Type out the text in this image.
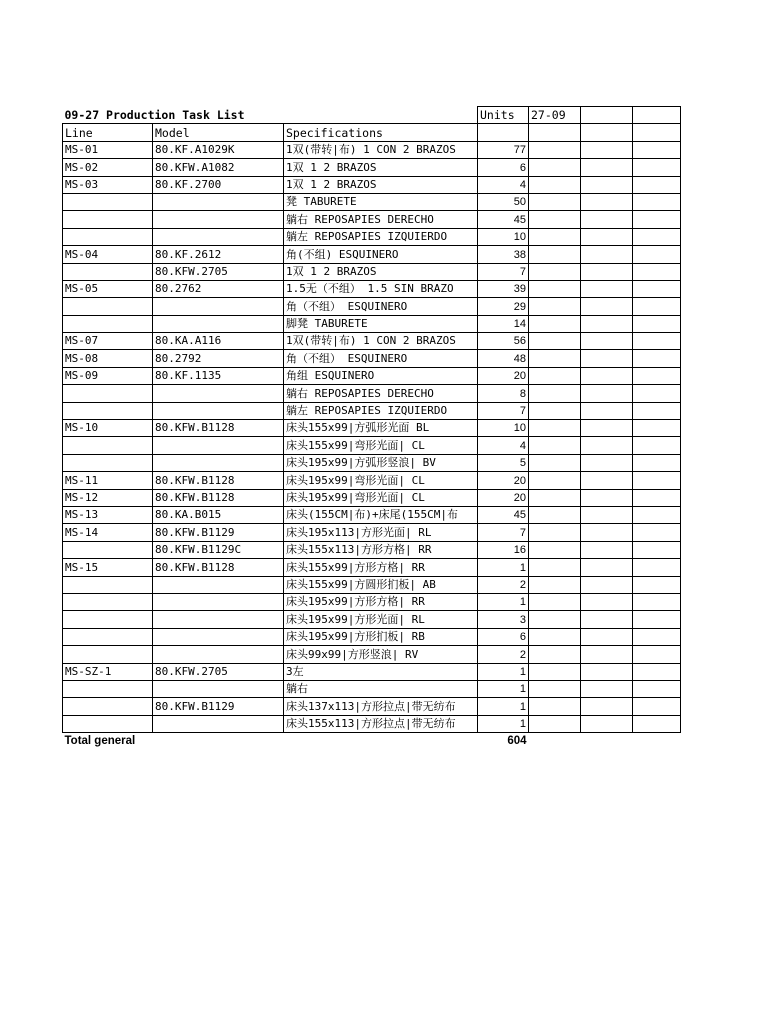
09-27 Production Task List			Units	27-09		
Line	Model	Specifications				
MS-01	80.KF.A1029K	1双(带转|布) 1 CON 2 BRAZOS	77			
MS-02	80.KFW.A1082	1双 1 2 BRAZOS	6			
MS-03	80.KF.2700	1双 1 2 BRAZOS	4			
		凳 TABURETE	50			
		躺右 REPOSAPIES DERECHO	45			
		躺左 REPOSAPIES IZQUIERDO	10			
MS-04	80.KF.2612	角(不组) ESQUINERO	38			
	80.KFW.2705	1双 1 2 BRAZOS	7			
MS-05	80.2762	1.5无（不组） 1.5 SIN BRAZO	39			
		角（不组） ESQUINERO	29			
		脚凳 TABURETE	14			
MS-07	80.KA.A116	1双(带转|布) 1 CON 2 BRAZOS	56			
MS-08	80.2792	角（不组） ESQUINERO	48			
MS-09	80.KF.1135	角组 ESQUINERO	20			
		躺右 REPOSAPIES DERECHO	8			
		躺左 REPOSAPIES IZQUIERDO	7			
MS-10	80.KFW.B1128	床头155x99|方弧形光面 BL	10			
		床头155x99|弯形光面| CL	4			
		床头195x99|方弧形竖浪| BV	5			
MS-11	80.KFW.B1128	床头195x99|弯形光面| CL	20			
MS-12	80.KFW.B1128	床头195x99|弯形光面| CL	20			
MS-13	80.KA.B015	床头(155CM|布)+床尾(155CM|布	45			
MS-14	80.KFW.B1129	床头195x113|方形光面| RL	7			
	80.KFW.B1129C	床头155x113|方形方格| RR	16			
MS-15	80.KFW.B1128	床头155x99|方形方格| RR	1			
		床头155x99|方圆形扪板| AB	2			
		床头195x99|方形方格| RR	1			
		床头195x99|方形光面| RL	3			
		床头195x99|方形扪板| RB	6			
		床头99x99|方形竖浪| RV	2			
MS-SZ-1	80.KFW.2705	3左	1			
		躺右	1			
	80.KFW.B1129	床头137x113|方形拉点|带无纺布	1			
		床头155x113|方形拉点|带无纺布	1			
Total general			604			
